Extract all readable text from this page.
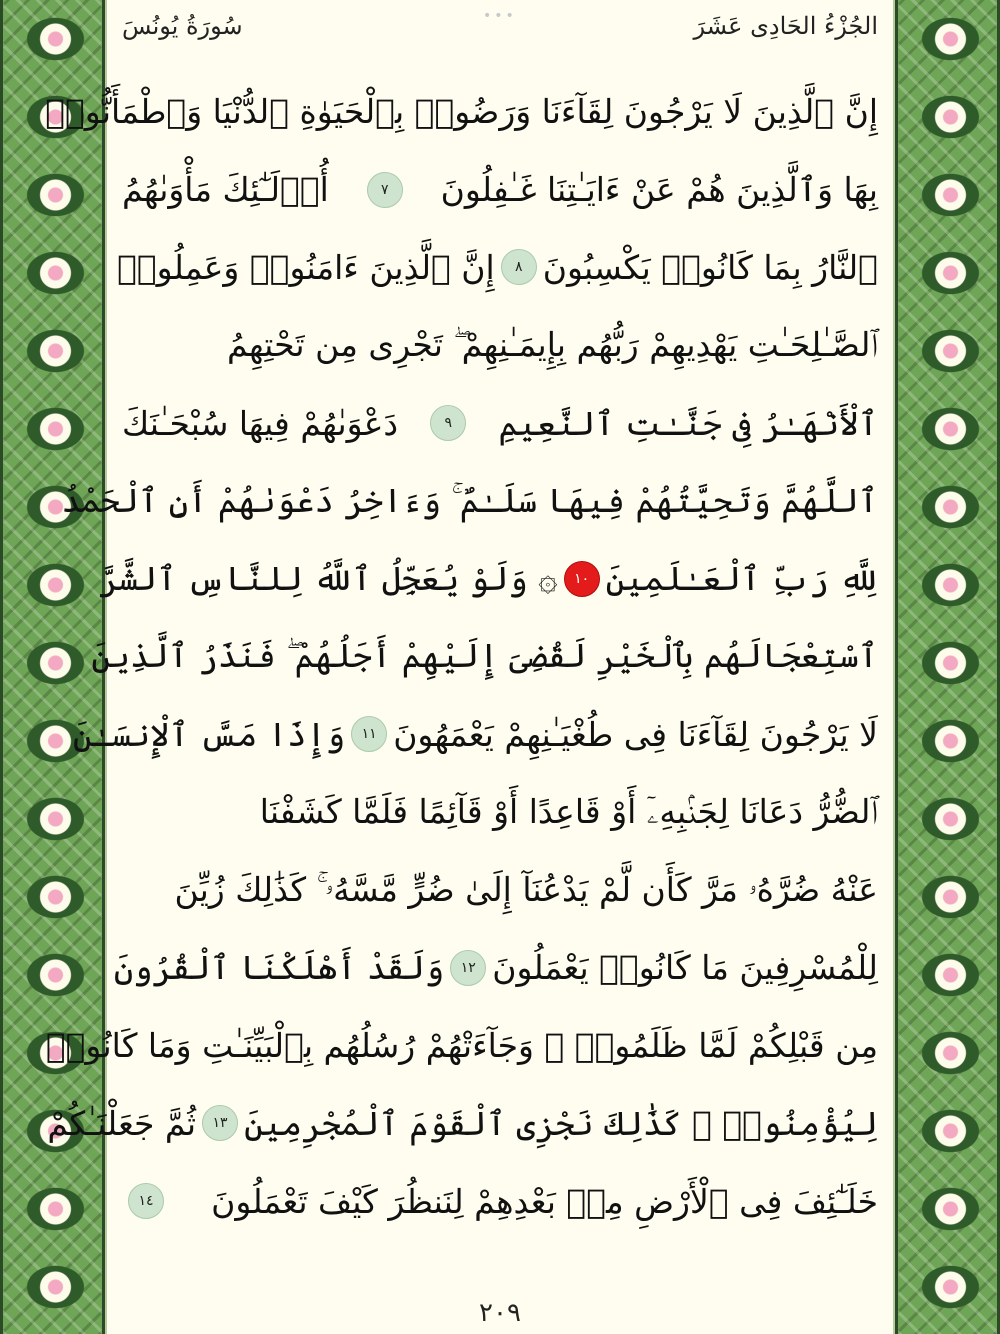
•••	الجُزْءُ الحَادِى عَشَرَ
سُورَةُ يُونُسَ
إِنَّ ٱلَّذِينَ لَا يَرْجُونَ لِقَآءَنَا وَرَضُوا۟ بِٱلْحَيَوٰةِ ٱلدُّنْيَا وَٱطْمَأَنُّوا۟
بِهَا وَٱلَّذِينَ هُمْ عَنْ ءَايَـٰتِنَا غَـٰفِلُونَ
٧
أُو۟لَـٰٓئِكَ مَأْوَىٰهُمُ
ٱلنَّارُ بِمَا كَانُوا۟ يَكْسِبُونَ
٨
إِنَّ ٱلَّذِينَ ءَامَنُوا۟ وَعَمِلُوا۟
ٱلصَّـٰلِحَـٰتِ يَهْدِيهِمْ رَبُّهُم بِإِيمَـٰنِهِمْ ۖ تَجْرِى مِن تَحْتِهِمُ
ٱلْأَنْهَـٰرُ فِى جَنَّـٰتِ ٱلنَّعِيمِ
٩
دَعْوَىٰهُمْ فِيهَا سُبْحَـٰنَكَ
ٱللَّهُمَّ وَتَحِيَّتُهُمْ فِيهَا سَلَـٰمٌ ۚ وَءَاخِرُ دَعْوَىٰهُمْ أَنِ ٱلْحَمْدُ
لِلَّهِ رَبِّ ٱلْعَـٰلَمِينَ
١٠
۞ وَلَوْ يُعَجِّلُ ٱللَّهُ لِلنَّاسِ ٱلشَّرَّ
ٱسْتِعْجَالَهُم بِٱلْخَيْرِ لَقُضِىَ إِلَيْهِمْ أَجَلُهُمْ ۖ فَنَذَرُ ٱلَّذِينَ
لَا يَرْجُونَ لِقَآءَنَا فِى طُغْيَـٰنِهِمْ يَعْمَهُونَ
١١
وَإِذَا مَسَّ ٱلْإِنسَـٰنَ
ٱلضُّرُّ دَعَانَا لِجَنۢبِهِۦٓ أَوْ قَاعِدًا أَوْ قَآئِمًا فَلَمَّا كَشَفْنَا
عَنْهُ ضُرَّهُۥ مَرَّ كَأَن لَّمْ يَدْعُنَآ إِلَىٰ ضُرٍّ مَّسَّهُۥ ۚ كَذَٰلِكَ زُيِّنَ
لِلْمُسْرِفِينَ مَا كَانُوا۟ يَعْمَلُونَ
١٢
وَلَقَدْ أَهْلَكْنَا ٱلْقُرُونَ
مِن قَبْلِكُمْ لَمَّا ظَلَمُوا۟ ۙ وَجَآءَتْهُمْ رُسُلُهُم بِٱلْبَيِّنَـٰتِ وَمَا كَانُوا۟
لِيُؤْمِنُوا۟ ۚ كَذَٰلِكَ نَجْزِى ٱلْقَوْمَ ٱلْمُجْرِمِينَ
١٣
ثُمَّ جَعَلْنَـٰكُمْ
خَلَـٰٓئِفَ فِى ٱلْأَرْضِ مِنۢ بَعْدِهِمْ لِنَنظُرَ كَيْفَ تَعْمَلُونَ
١٤
٢٠٩
